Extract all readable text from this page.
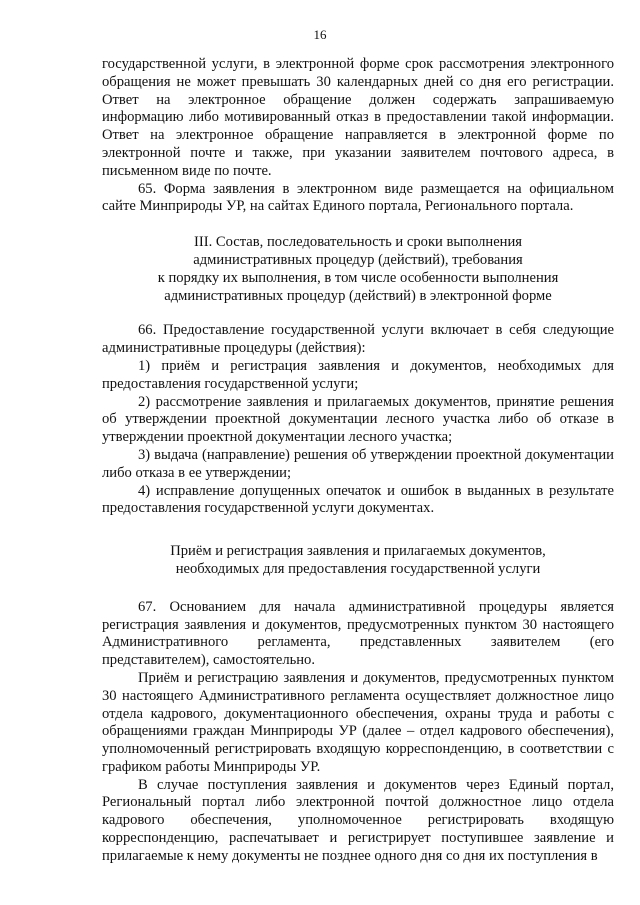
16

государственной услуги, в электронной форме срок рассмотрения электронного обращения не может превышать 30 календарных дней со дня его регистрации. Ответ на электронное обращение должен содержать запрашиваемую информацию либо мотивированный отказ в предоставлении такой информации. Ответ на электронное обращение направляется в электронной форме по электронной почте и также, при указании заявителем почтового адреса, в письменном виде по почте.

65. Форма заявления в электронном виде размещается на официальном сайте Минприроды УР, на сайтах Единого портала, Регионального портала.

III. Состав, последовательность и сроки выполнения
административных процедур (действий), требования
к порядку их выполнения, в том числе особенности выполнения
административных процедур (действий) в электронной форме

66. Предоставление государственной услуги включает в себя следующие административные процедуры (действия):

1) приём и регистрация заявления и документов, необходимых для предоставления государственной услуги;

2) рассмотрение заявления и прилагаемых документов, принятие решения об утверждении проектной документации лесного участка либо об отказе в утверждении проектной документации лесного участка;

3) выдача (направление) решения об утверждении проектной документации либо отказа в ее утверждении;

4) исправление допущенных опечаток и ошибок в выданных в результате предоставления государственной услуги документах.

Приём и регистрация заявления и прилагаемых документов,
необходимых для предоставления государственной услуги

67. Основанием для начала административной процедуры является регистрация заявления и документов, предусмотренных пунктом 30 настоящего Административного регламента, представленных заявителем (его представителем), самостоятельно.

Приём и регистрацию заявления и документов, предусмотренных пунктом 30 настоящего Административного регламента осуществляет должностное лицо отдела кадрового, документационного обеспечения, охраны труда и работы с обращениями граждан Минприроды УР (далее – отдел кадрового обеспечения), уполномоченный регистрировать входящую корреспонденцию, в соответствии с графиком работы Минприроды УР.

В случае поступления заявления и документов через Единый портал, Региональный портал либо электронной почтой должностное лицо отдела кадрового обеспечения, уполномоченное регистрировать входящую корреспонденцию, распечатывает и регистрирует поступившее заявление и прилагаемые к нему документы не позднее одного дня со дня их поступления в
